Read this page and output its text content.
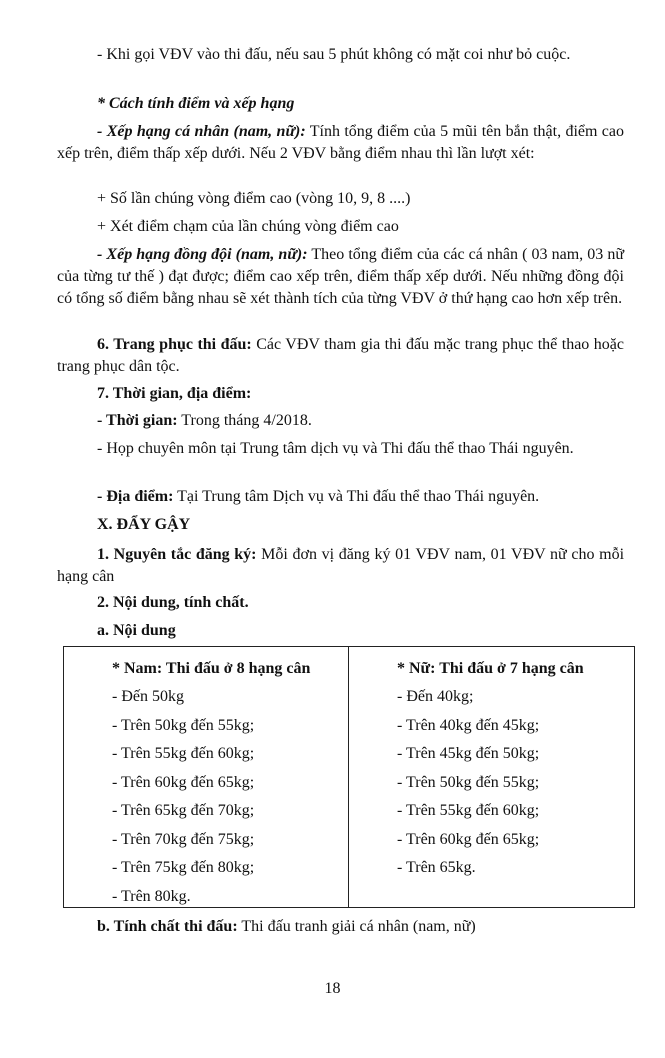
- Khi gọi VĐV vào thi đấu, nếu sau 5 phút không có mặt coi như bỏ cuộc.

* Cách tính điểm và xếp hạng

- Xếp hạng cá nhân (nam, nữ): Tính tổng điểm của 5 mũi tên bắn thật, điểm cao xếp trên, điểm thấp xếp dưới. Nếu 2 VĐV bằng điểm nhau thì lần lượt xét:

+ Số lần chúng vòng điểm cao (vòng 10, 9, 8 ....)

+ Xét điểm chạm của lần chúng vòng điểm cao

- Xếp hạng đồng đội (nam, nữ): Theo tổng điểm của các cá nhân ( 03 nam, 03 nữ của từng tư thế ) đạt được; điểm cao xếp trên, điểm thấp xếp dưới. Nếu những đồng đội có tổng số điểm bằng nhau sẽ xét thành tích của từng VĐV ở thứ hạng cao hơn xếp trên.

6. Trang phục thi đấu: Các VĐV tham gia thi đấu mặc trang phục thể thao hoặc trang phục dân tộc.

7. Thời gian, địa điểm:

- Thời gian: Trong tháng 4/2018.

- Họp chuyên môn tại Trung tâm dịch vụ và Thi đấu thể thao Thái nguyên.

- Địa điểm: Tại Trung tâm Dịch vụ và Thi đấu thể thao Thái nguyên.

X. ĐẨY GẬY

1. Nguyên tắc đăng ký: Mỗi đơn vị đăng ký 01 VĐV nam, 01 VĐV nữ cho mỗi hạng cân

2. Nội dung, tính chất.

a. Nội dung

* Nam: Thi đấu ở 8 hạng cân
- Đến 50kg
- Trên 50kg đến 55kg;
- Trên 55kg đến 60kg;
- Trên 60kg đến 65kg;
- Trên 65kg đến 70kg;
- Trên 70kg đến 75kg;
- Trên 75kg đến 80kg;
- Trên 80kg.
* Nữ: Thi đấu ở 7 hạng cân
- Đến 40kg;
- Trên 40kg đến 45kg;
- Trên 45kg đến 50kg;
- Trên 50kg đến 55kg;
- Trên 55kg đến 60kg;
- Trên 60kg đến 65kg;
- Trên 65kg.

b. Tính chất thi đấu: Thi đấu tranh giải cá nhân (nam, nữ)

18
